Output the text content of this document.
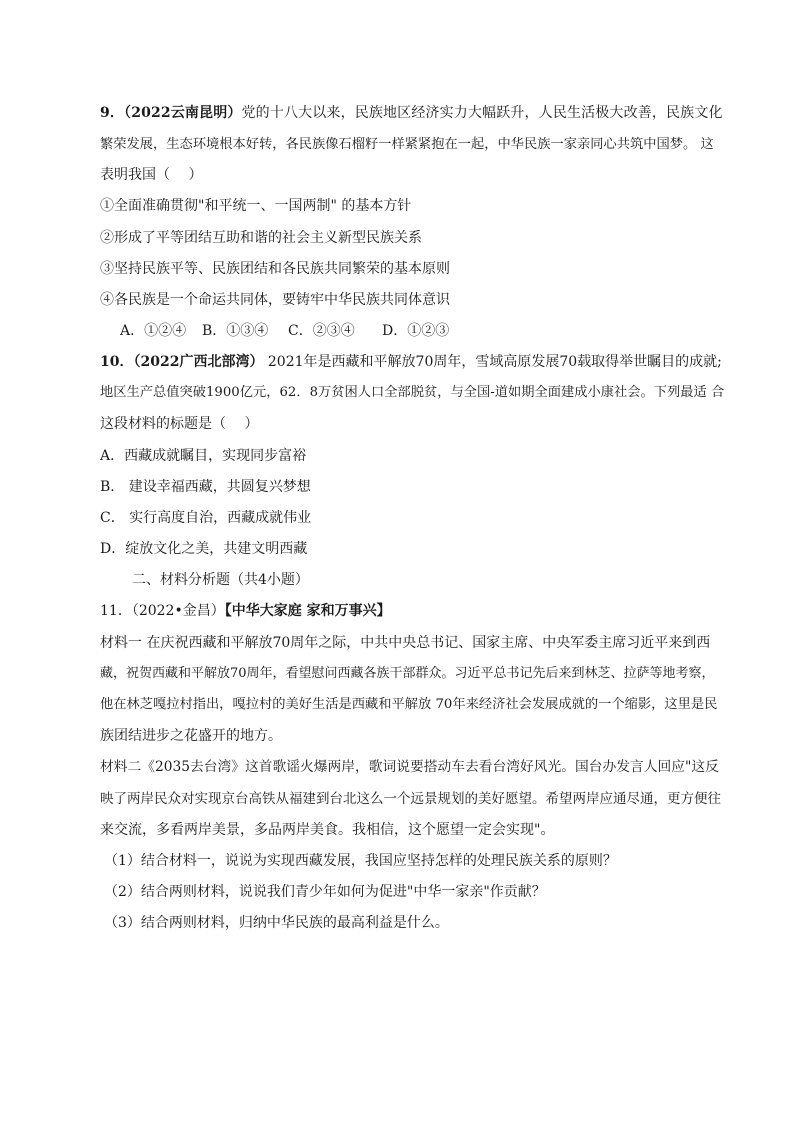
9．（2022云南昆明）党的十八大以来，民族地区经济实力大幅跃升，人民生活极大改善，民族文化
繁荣发展，生态环境根本好转，各民族像石榴籽一样紧紧抱在一起，中华民族一家亲同心共筑中国梦。 这
表明我国（　 ）
①全面准确贯彻"和平统一、一国两制" 的基本方针
②形成了平等团结互助和谐的社会主义新型民族关系
③坚持民族平等、民族团结和各民族共同繁荣的基本原则
④各民族是一个命运共同体，要铸牢中华民族共同体意识
A．①②④ B．①③④ C．②③④ D．①②③
10．（2022广西北部湾） 2021年是西藏和平解放70周年，雪域高原发展70载取得举世瞩目的成就;
地区生产总值突破1900亿元，62．8万贫困人口全部脱贫，与全国-道如期全面建成小康社会。下列最适 合
这段材料的标题是（　 ）
A．西藏成就瞩目，实现同步富裕
B． 建设幸福西藏，共圆复兴梦想
C． 实行高度自治，西藏成就伟业
D．绽放文化之美，共建文明西藏
二、材料分析题（共4小题）
11．（2022•金昌）【中华大家庭 家和万事兴】
材料一 在庆祝西藏和平解放70周年之际，中共中央总书记、国家主席、中央军委主席习近平来到西
藏，祝贺西藏和平解放70周年，看望慰问西藏各族干部群众。习近平总书记先后来到林芝、拉萨等地考察，
他在林芝嘎拉村指出，嘎拉村的美好生活是西藏和平解放 70年来经济社会发展成就的一个缩影，这里是民
族团结进步之花盛开的地方。
材料二《2035去台湾》这首歌谣火爆两岸，歌词说要搭动车去看台湾好风光。国台办发言人回应"这反
映了两岸民众对实现京台高铁从福建到台北这么一个远景规划的美好愿望。希望两岸应通尽通，更方便往
来交流，多看两岸美景，多品两岸美食。我相信，这个愿望一定会实现"。
（1）结合材料一，说说为实现西藏发展，我国应坚持怎样的处理民族关系的原则？
（2）结合两则材料，说说我们青少年如何为促进"中华一家亲"作贡献？
（3）结合两则材料，归纳中华民族的最高利益是什么。
